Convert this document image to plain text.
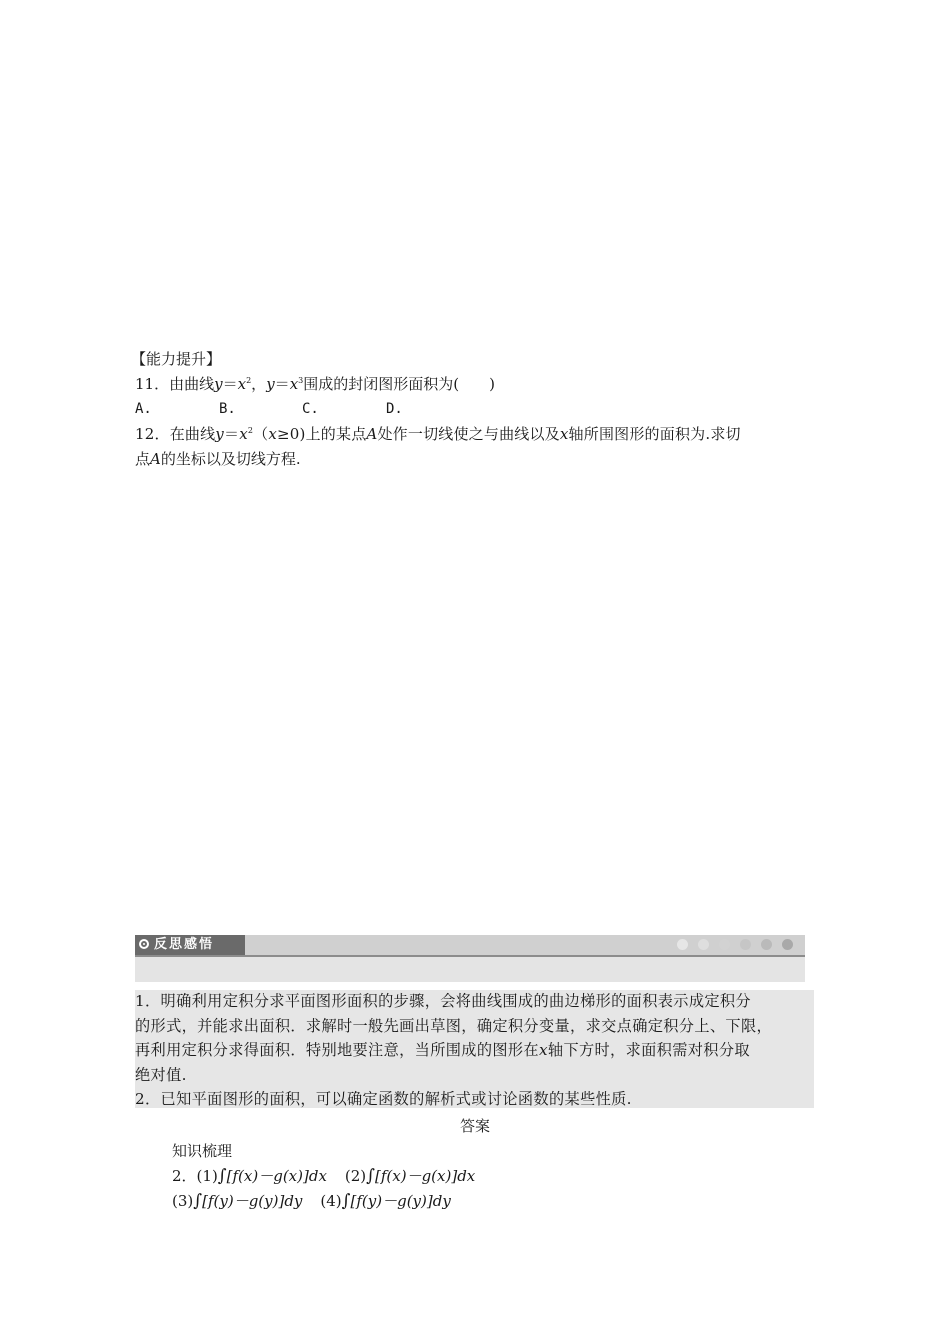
【能力提升】
11．由曲线$y=x^2$，$y=x^3$围成的封闭图形面积为(　　)
A.	B.	C.	D.
12．在曲线$y=x^2(x\ge 0)$上的某点A处作一切线使之与曲线以及x轴所围图形的面积为.求切
点A的坐标以及切线方程.
反思感悟
1．明确利用定积分求平面图形面积的步骤，会将曲线围成的曲边梯形的面积表示成定积分
的形式，并能求出面积．求解时一般先画出草图，确定积分变量，求交点确定积分上、下限，
再利用定积分求得面积．特别地要注意，当所围成的图形在x轴下方时，求面积需对积分取
绝对值.
2．已知平面图形的面积，可以确定函数的解析式或讨论函数的某些性质.
答案
知识梳理
2．(1)∫[f(x)－g(x)]dx (2)∫[f(x)－g(x)]dx
(3)∫[f(y)－g(y)]dy (4)∫[f(y)－g(y)]dy
